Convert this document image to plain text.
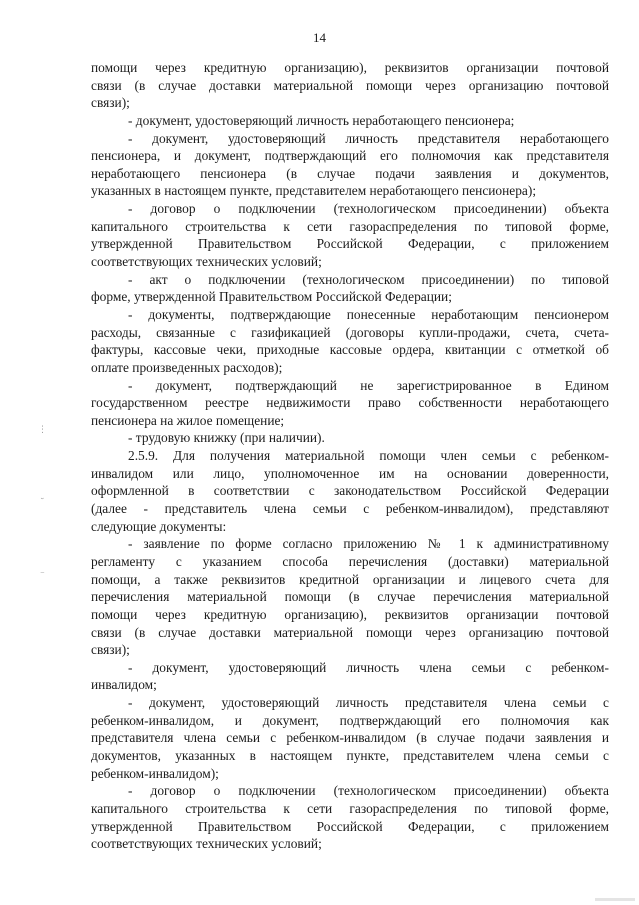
14
помощи через кредитную организацию), реквизитов организации почтовой
связи (в случае доставки материальной помощи через организацию почтовой
связи);
- документ, удостоверяющий личность неработающего пенсионера;
- документ, удостоверяющий личность представителя неработающего
пенсионера, и документ, подтверждающий его полномочия как представителя
неработающего пенсионера (в случае подачи заявления и документов,
указанных в настоящем пункте, представителем неработающего пенсионера);
- договор о подключении (технологическом присоединении) объекта
капитального строительства к сети газораспределения по типовой форме,
утвержденной Правительством Российской Федерации, с приложением
соответствующих технических условий;
- акт о подключении (технологическом присоединении) по типовой
форме, утвержденной Правительством Российской Федерации;
- документы, подтверждающие понесенные неработающим пенсионером
расходы, связанные с газификацией (договоры купли-продажи, счета, счета-
фактуры, кассовые чеки, приходные кассовые ордера, квитанции с отметкой об
оплате произведенных расходов);
- документ, подтверждающий не зарегистрированное в Едином
государственном реестре недвижимости право собственности неработающего
пенсионера на жилое помещение;
- трудовую книжку (при наличии).
2.5.9. Для получения материальной помощи член семьи с ребенком-
инвалидом или лицо, уполномоченное им на основании доверенности,
оформленной в соответствии с законодательством Российской Федерации
(далее - представитель члена семьи с ребенком-инвалидом), представляют
следующие документы:
- заявление по форме согласно приложению № 1 к административному
регламенту с указанием способа перечисления (доставки) материальной
помощи, а также реквизитов кредитной организации и лицевого счета для
перечисления материальной помощи (в случае перечисления материальной
помощи через кредитную организацию), реквизитов организации почтовой
связи (в случае доставки материальной помощи через организацию почтовой
связи);
- документ, удостоверяющий личность члена семьи с ребенком-
инвалидом;
- документ, удостоверяющий личность представителя члена семьи с
ребенком-инвалидом, и документ, подтверждающий его полномочия как
представителя члена семьи с ребенком-инвалидом (в случае подачи заявления и
документов, указанных в настоящем пункте, представителем члена семьи с
ребенком-инвалидом);
- договор о подключении (технологическом присоединении) объекта
капитального строительства к сети газораспределения по типовой форме,
утвержденной Правительством Российской Федерации, с приложением
соответствующих технических условий;
⋮
˘
⁻
